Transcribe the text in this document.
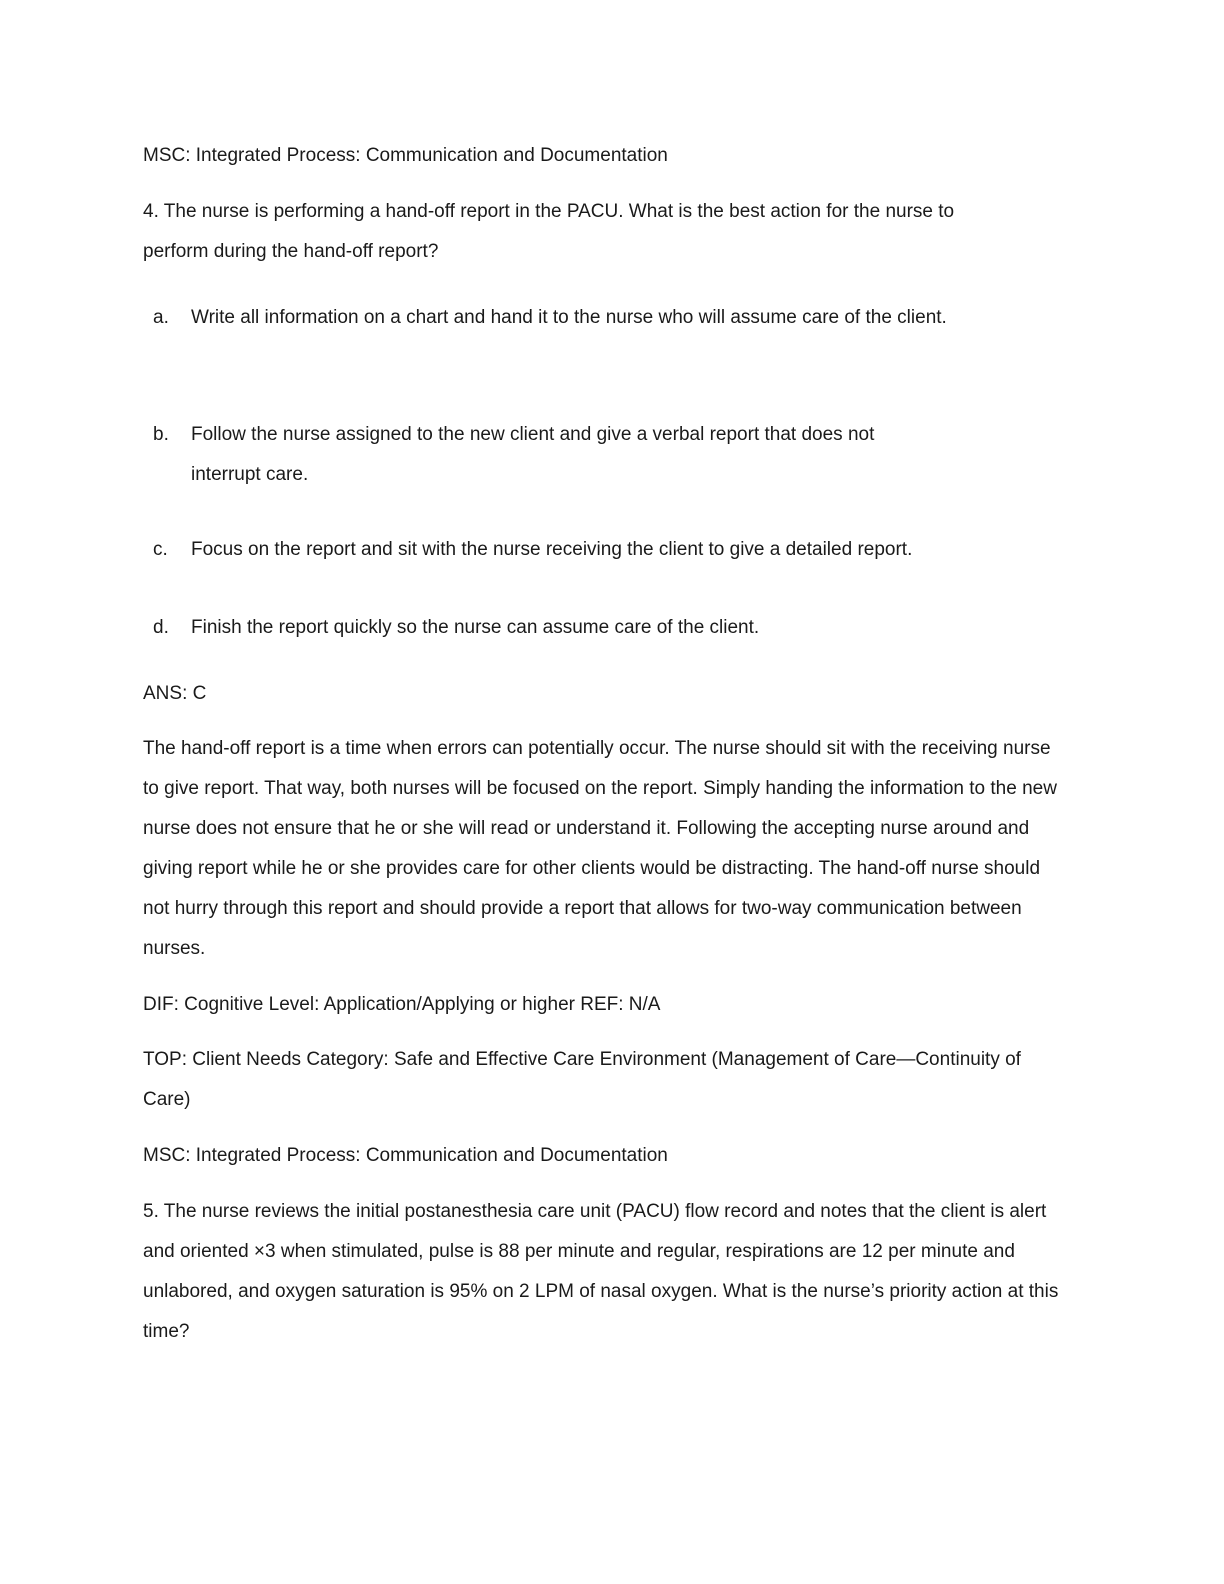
MSC: Integrated Process: Communication and Documentation

4. The nurse is performing a hand-off report in the PACU. What is the best action for the nurse to perform during the hand-off report?

a. Write all information on a chart and hand it to the nurse who will assume care of the client.
b. Follow the nurse assigned to the new client and give a verbal report that does not interrupt care.
c. Focus on the report and sit with the nurse receiving the client to give a detailed report.
d. Finish the report quickly so the nurse can assume care of the client.

ANS: C

The hand-off report is a time when errors can potentially occur. The nurse should sit with the receiving nurse to give report. That way, both nurses will be focused on the report. Simply handing the information to the new nurse does not ensure that he or she will read or understand it. Following the accepting nurse around and giving report while he or she provides care for other clients would be distracting. The hand-off nurse should not hurry through this report and should provide a report that allows for two-way communication between nurses.

DIF: Cognitive Level: Application/Applying or higher REF: N/A

TOP: Client Needs Category: Safe and Effective Care Environment (Management of Care—Continuity of Care)

MSC: Integrated Process: Communication and Documentation

5. The nurse reviews the initial postanesthesia care unit (PACU) flow record and notes that the client is alert and oriented ×3 when stimulated, pulse is 88 per minute and regular, respirations are 12 per minute and unlabored, and oxygen saturation is 95% on 2 LPM of nasal oxygen. What is the nurse’s priority action at this time?
